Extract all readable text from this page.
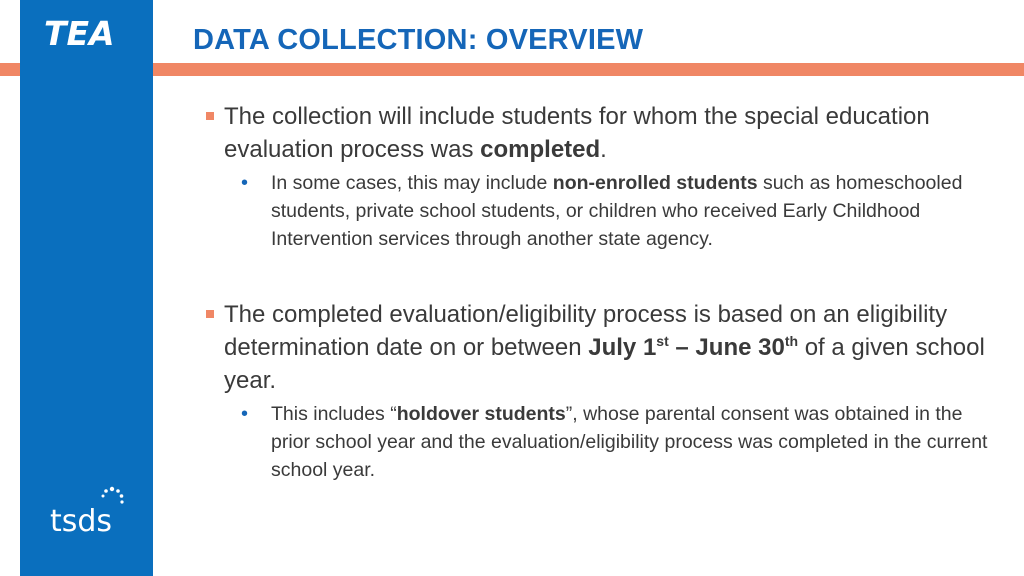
TEA
tsds
DATA COLLECTION: OVERVIEW
The collection will include students for whom the special education evaluation process was completed.
• In some cases, this may include non-enrolled students such as homeschooled students, private school students, or children who received Early Childhood Intervention services through another state agency.
The completed evaluation/eligibility process is based on an eligibility determination date on or between July 1st – June 30th of a given school year.
• This includes “holdover students”, whose parental consent was obtained in the prior school year and the evaluation/eligibility process was completed in the current school year.
